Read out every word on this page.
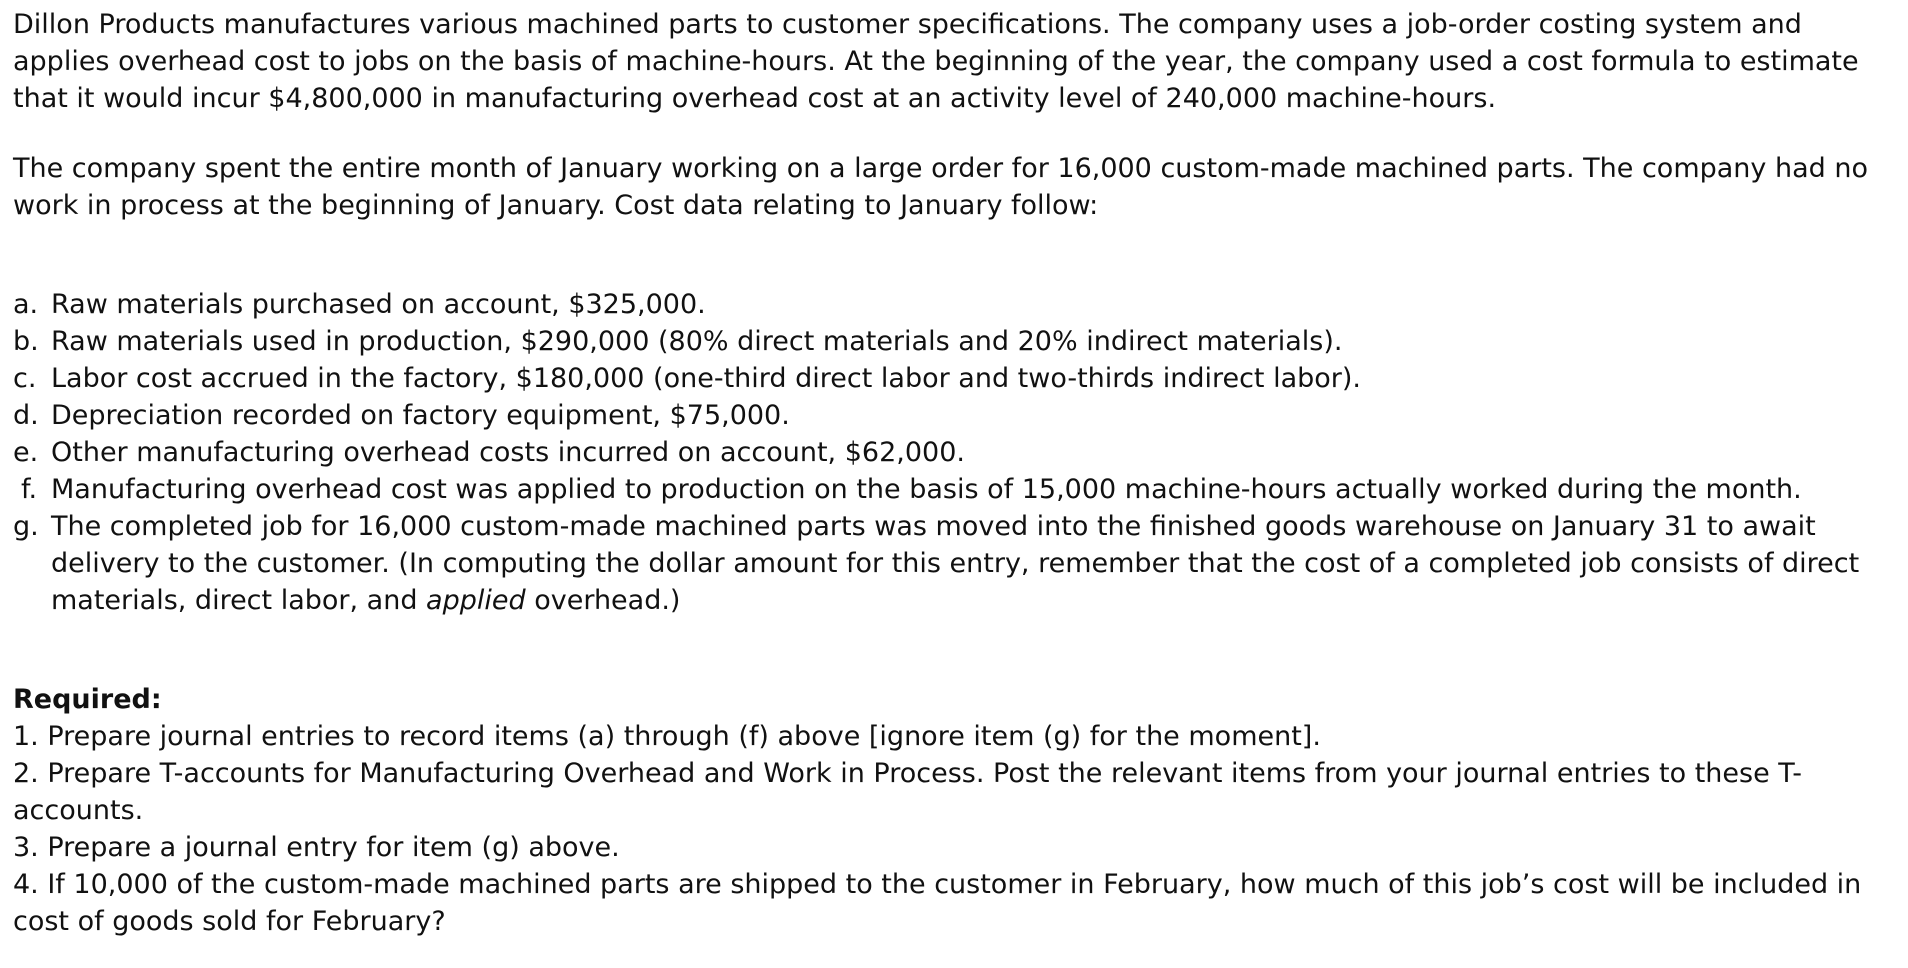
Dillon Products manufactures various machined parts to customer specifications. The company uses a job-order costing system and applies overhead cost to jobs on the basis of machine-hours. At the beginning of the year, the company used a cost formula to estimate that it would incur $4,800,000 in manufacturing overhead cost at an activity level of 240,000 machine-hours.

The company spent the entire month of January working on a large order for 16,000 custom-made machined parts. The company had no work in process at the beginning of January. Cost data relating to January follow:

a. Raw materials purchased on account, $325,000.
b. Raw materials used in production, $290,000 (80% direct materials and 20% indirect materials).
c. Labor cost accrued in the factory, $180,000 (one-third direct labor and two-thirds indirect labor).
d. Depreciation recorded on factory equipment, $75,000.
e. Other manufacturing overhead costs incurred on account, $62,000.
f. Manufacturing overhead cost was applied to production on the basis of 15,000 machine-hours actually worked during the month.
g. The completed job for 16,000 custom-made machined parts was moved into the finished goods warehouse on January 31 to await delivery to the customer. (In computing the dollar amount for this entry, remember that the cost of a completed job consists of direct materials, direct labor, and applied overhead.)

Required:

1. Prepare journal entries to record items (a) through (f) above [ignore item (g) for the moment].
2. Prepare T-accounts for Manufacturing Overhead and Work in Process. Post the relevant items from your journal entries to these T-accounts.
3. Prepare a journal entry for item (g) above.
4. If 10,000 of the custom-made machined parts are shipped to the customer in February, how much of this job’s cost will be included in cost of goods sold for February?
